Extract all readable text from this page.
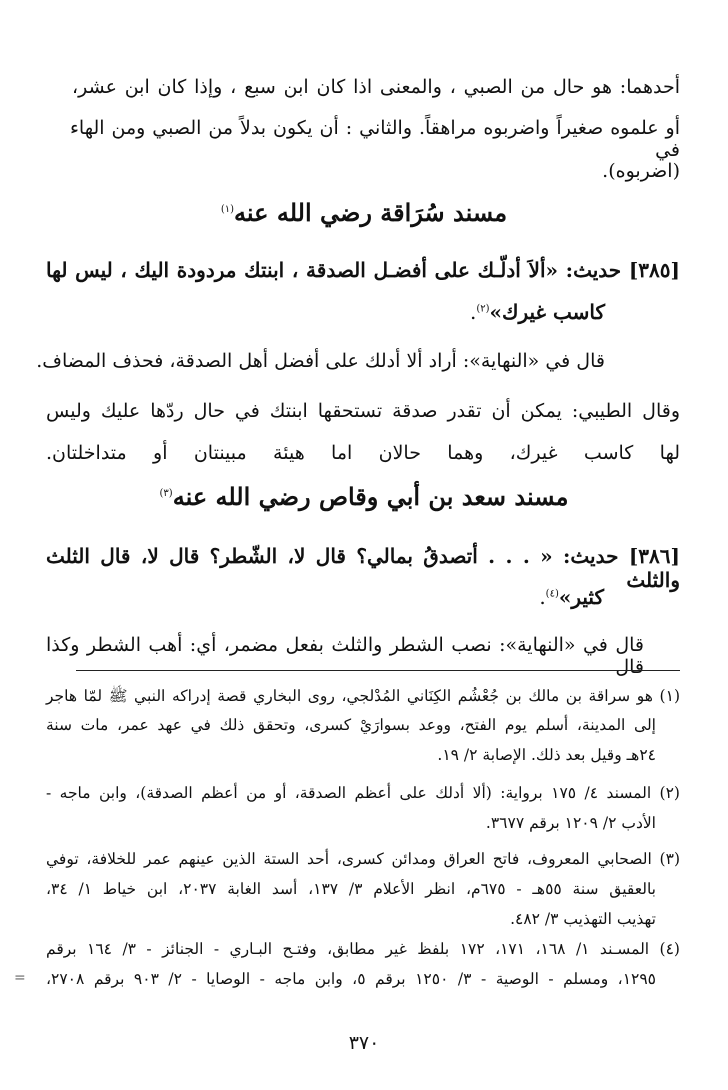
أحدهما: هو حال من الصبي ، والمعنى اذا كان ابن سبع ، وإذا كان ابن عشر،
أو علموه صغيراً واضربوه مراهقاً. والثاني : أن يكون بدلاً من الصبي ومن الهاء في
(اضربوه).
مسند سُرَاقة رضي الله عنه$^{(١)}$
[٣٨٥] حديث: «ألاَ أدلّـك على أفضـل الصدقة ، ابنتك مردودة اليك ، ليس لها
كاسب غيرك»$^{(٢)}$.
قال في «النهاية»: أراد ألا أدلك على أفضل أهل الصدقة، فحذف المضاف.
وقال الطيبي: يمكن أن تقدر صدقة تستحقها ابنتك في حال ردّها عليك وليس
لها كاسب غيرك، وهما حالان اما هيئة مبينتان أو متداخلتان.
مسند سعد بن أبي وقاص رضي الله عنه$^{(٣)}$
[٣٨٦] حديث: « . . . أتصدقُ بمالي؟ قال لا، الشّطر؟ قال لا، قال الثلث والثلث
كثير»$^{(٤)}$.
قال في «النهاية»: نصب الشطر والثلث بفعل مضمر، أي: أهب الشطر وكذا قال
(١) هو سراقة بن مالك بن جُعْشُم الكِنَاني المُدْلجي، روى البخاري قصة إدراكه النبي ﷺ لمّا هاجر
إلى المدينة، أسلم يوم الفتح، ووعد بسوارَيْ كسرى، وتحقق ذلك في عهد عمر، مات سنة
٢٤هـ وقيل بعد ذلك. الإصابة ٢/ ١٩.
(٢) المسند ٤/ ١٧٥ برواية: (ألا أدلك على أعظم الصدقة، أو من أعظم الصدقة)، وابن ماجه -
الأدب ٢/ ١٢٠٩ برقم ٣٦٧٧.
(٣) الصحابي المعروف، فاتح العراق ومدائن كسرى، أحد الستة الذين عينهم عمر للخلافة، توفي
بالعقيق سنة ٥٥هـ - ٦٧٥م، انظر الأعلام ٣/ ١٣٧، أسد الغابة ٢٠٣٧، ابن خياط ١/ ٣٤،
تهذيب التهذيب ٣/ ٤٨٢.
(٤) المسـند ١/ ١٦٨، ١٧١، ١٧٢ بلفظ غير مطابق، وفتـح البـاري - الجنائز - ٣/ ١٦٤ برقم
١٢٩٥، ومسلم - الوصية - ٣/ ١٢٥٠ برقم ٥، وابن ماجه - الوصايا - ٢/ ٩٠٣ برقم ٢٧٠٨،
=
٣٧٠
